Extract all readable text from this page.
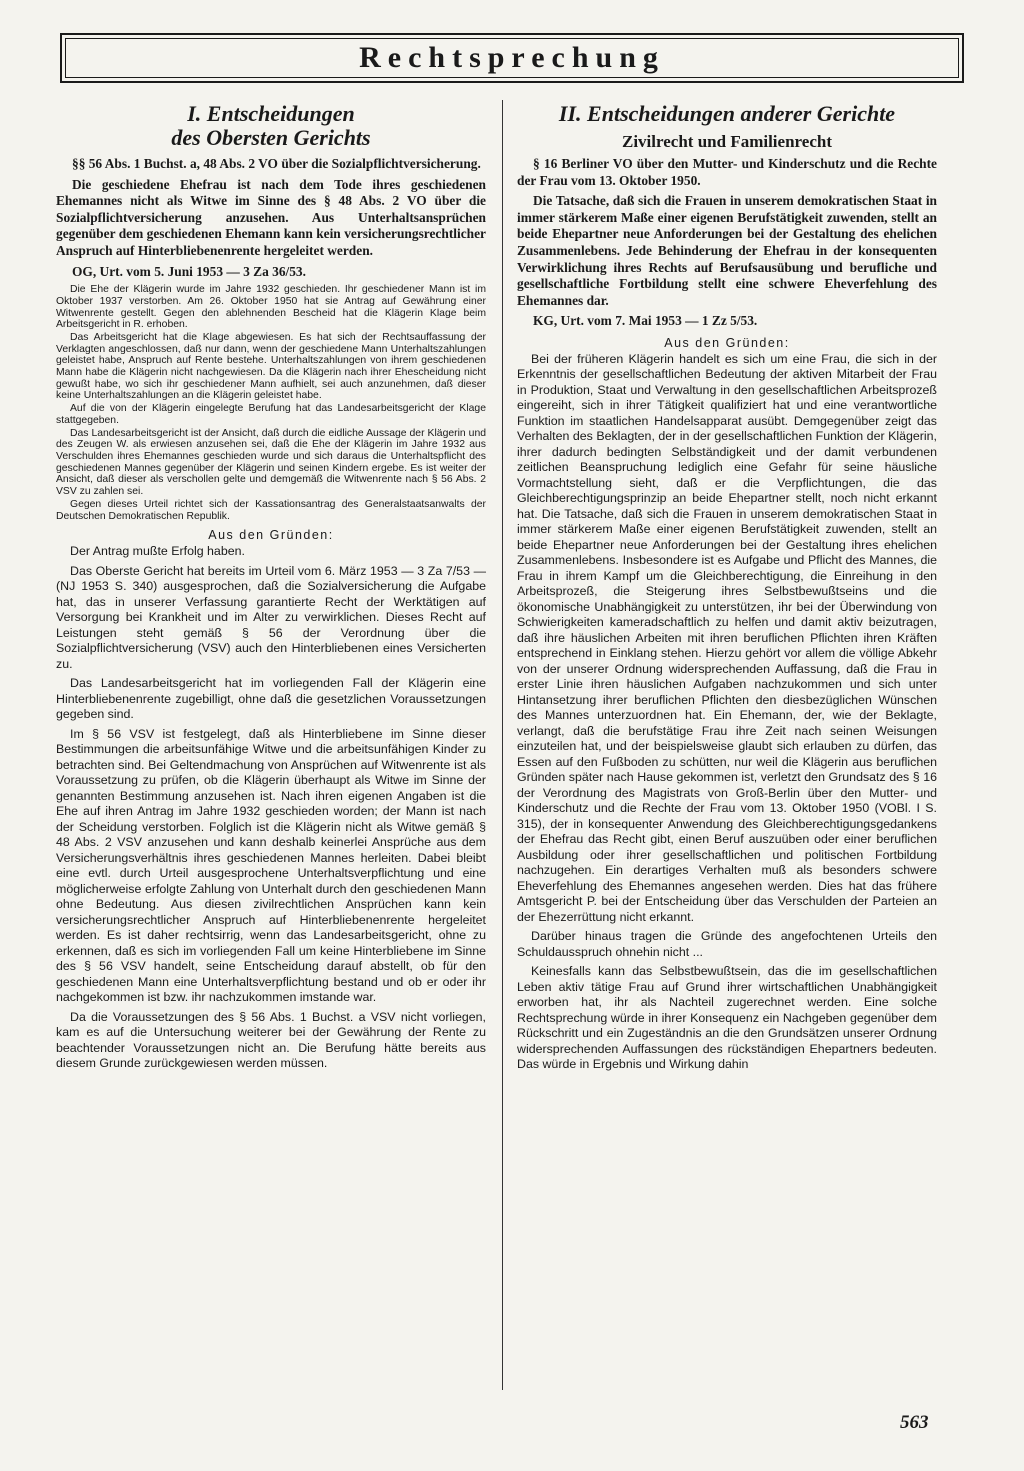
Rechtsprechung
I. Entscheidungen
des Obersten Gerichts

§§ 56 Abs. 1 Buchst. a, 48 Abs. 2 VO über die Sozialpflichtversicherung.

Die geschiedene Ehefrau ist nach dem Tode ihres geschiedenen Ehemannes nicht als Witwe im Sinne des § 48 Abs. 2 VO über die Sozialpflichtversicherung anzusehen. Aus Unterhaltsansprüchen gegenüber dem geschiedenen Ehemann kann kein versicherungsrechtlicher Anspruch auf Hinterbliebenenrente hergeleitet werden.

OG, Urt. vom 5. Juni 1953 — 3 Za 36/53.

Die Ehe der Klägerin wurde im Jahre 1932 geschieden. Ihr geschiedener Mann ist im Oktober 1937 verstorben. Am 26. Oktober 1950 hat sie Antrag auf Gewährung einer Witwenrente gestellt. Gegen den ablehnenden Bescheid hat die Klägerin Klage beim Arbeitsgericht in R. erhoben.

Das Arbeitsgericht hat die Klage abgewiesen. Es hat sich der Rechtsauffassung der Verklagten angeschlossen, daß nur dann, wenn der geschiedene Mann Unterhaltszahlungen geleistet habe, Anspruch auf Rente bestehe. Unterhaltszahlungen von ihrem geschiedenen Mann habe die Klägerin nicht nachgewiesen. Da die Klägerin nach ihrer Ehescheidung nicht gewußt habe, wo sich ihr geschiedener Mann aufhielt, sei auch anzunehmen, daß dieser keine Unterhaltszahlungen an die Klägerin geleistet habe.

Auf die von der Klägerin eingelegte Berufung hat das Landesarbeitsgericht der Klage stattgegeben.

Das Landesarbeitsgericht ist der Ansicht, daß durch die eidliche Aussage der Klägerin und des Zeugen W. als erwiesen anzusehen sei, daß die Ehe der Klägerin im Jahre 1932 aus Verschulden ihres Ehemannes geschieden wurde und sich daraus die Unterhaltspflicht des geschiedenen Mannes gegenüber der Klägerin und seinen Kindern ergebe. Es ist weiter der Ansicht, daß dieser als verschollen gelte und demgemäß die Witwenrente nach § 56 Abs. 2 VSV zu zahlen sei.

Gegen dieses Urteil richtet sich der Kassationsantrag des Generalstaatsanwalts der Deutschen Demokratischen Republik.

Aus den Gründen:

Der Antrag mußte Erfolg haben.

Das Oberste Gericht hat bereits im Urteil vom 6. März 1953 — 3 Za 7/53 — (NJ 1953 S. 340) ausgesprochen, daß die Sozialversicherung die Aufgabe hat, das in unserer Verfassung garantierte Recht der Werktätigen auf Versorgung bei Krankheit und im Alter zu verwirklichen. Dieses Recht auf Leistungen steht gemäß § 56 der Verordnung über die Sozialpflichtversicherung (VSV) auch den Hinterbliebenen eines Versicherten zu.

Das Landesarbeitsgericht hat im vorliegenden Fall der Klägerin eine Hinterbliebenenrente zugebilligt, ohne daß die gesetzlichen Voraussetzungen gegeben sind.

Im § 56 VSV ist festgelegt, daß als Hinterbliebene im Sinne dieser Bestimmungen die arbeitsunfähige Witwe und die arbeitsunfähigen Kinder zu betrachten sind. Bei Geltendmachung von Ansprüchen auf Witwenrente ist als Voraussetzung zu prüfen, ob die Klägerin überhaupt als Witwe im Sinne der genannten Bestimmung anzusehen ist. Nach ihren eigenen Angaben ist die Ehe auf ihren Antrag im Jahre 1932 geschieden worden; der Mann ist nach der Scheidung verstorben. Folglich ist die Klägerin nicht als Witwe gemäß § 48 Abs. 2 VSV anzusehen und kann deshalb keinerlei Ansprüche aus dem Versicherungsverhältnis ihres geschiedenen Mannes herleiten. Dabei bleibt eine evtl. durch Urteil ausgesprochene Unterhaltsverpflichtung und eine möglicherweise erfolgte Zahlung von Unterhalt durch den geschiedenen Mann ohne Bedeutung. Aus diesen zivilrechtlichen Ansprüchen kann kein versicherungsrechtlicher Anspruch auf Hinterbliebenenrente hergeleitet werden. Es ist daher rechtsirrig, wenn das Landesarbeitsgericht, ohne zu erkennen, daß es sich im vorliegenden Fall um keine Hinterbliebene im Sinne des § 56 VSV handelt, seine Entscheidung darauf abstellt, ob für den geschiedenen Mann eine Unterhaltsverpflichtung bestand und ob er oder ihr nachgekommen ist bzw. ihr nachzukommen imstande war.

Da die Voraussetzungen des § 56 Abs. 1 Buchst. a VSV nicht vorliegen, kam es auf die Untersuchung weiterer bei der Gewährung der Rente zu beachtender Voraussetzungen nicht an. Die Berufung hätte bereits aus diesem Grunde zurückgewiesen werden müssen.

II. Entscheidungen anderer Gerichte
Zivilrecht und Familienrecht

§ 16 Berliner VO über den Mutter- und Kinderschutz und die Rechte der Frau vom 13. Oktober 1950.

Die Tatsache, daß sich die Frauen in unserem demokratischen Staat in immer stärkerem Maße einer eigenen Berufstätigkeit zuwenden, stellt an beide Ehepartner neue Anforderungen bei der Gestaltung des ehelichen Zusammenlebens. Jede Behinderung der Ehefrau in der konsequenten Verwirklichung ihres Rechts auf Berufsausübung und berufliche und gesellschaftliche Fortbildung stellt eine schwere Eheverfehlung des Ehemannes dar.

KG, Urt. vom 7. Mai 1953 — 1 Zz 5/53.

Aus den Gründen:

Bei der früheren Klägerin handelt es sich um eine Frau, die sich in der Erkenntnis der gesellschaftlichen Bedeutung der aktiven Mitarbeit der Frau in Produktion, Staat und Verwaltung in den gesellschaftlichen Arbeitsprozeß eingereiht, sich in ihrer Tätigkeit qualifiziert hat und eine verantwortliche Funktion im staatlichen Handelsapparat ausübt. Demgegenüber zeigt das Verhalten des Beklagten, der in der gesellschaftlichen Funktion der Klägerin, ihrer dadurch bedingten Selbständigkeit und der damit verbundenen zeitlichen Beanspruchung lediglich eine Gefahr für seine häusliche Vormachtstellung sieht, daß er die Verpflichtungen, die das Gleichberechtigungsprinzip an beide Ehepartner stellt, noch nicht erkannt hat. Die Tatsache, daß sich die Frauen in unserem demokratischen Staat in immer stärkerem Maße einer eigenen Berufstätigkeit zuwenden, stellt an beide Ehepartner neue Anforderungen bei der Gestaltung ihres ehelichen Zusammenlebens. Insbesondere ist es Aufgabe und Pflicht des Mannes, die Frau in ihrem Kampf um die Gleichberechtigung, die Einreihung in den Arbeitsprozeß, die Steigerung ihres Selbstbewußtseins und die ökonomische Unabhängigkeit zu unterstützen, ihr bei der Überwindung von Schwierigkeiten kameradschaftlich zu helfen und damit aktiv beizutragen, daß ihre häuslichen Arbeiten mit ihren beruflichen Pflichten ihren Kräften entsprechend in Einklang stehen. Hierzu gehört vor allem die völlige Abkehr von der unserer Ordnung widersprechenden Auffassung, daß die Frau in erster Linie ihren häuslichen Aufgaben nachzukommen und sich unter Hintansetzung ihrer beruflichen Pflichten den diesbezüglichen Wünschen des Mannes unterzuordnen hat. Ein Ehemann, der, wie der Beklagte, verlangt, daß die berufstätige Frau ihre Zeit nach seinen Weisungen einzuteilen hat, und der beispielsweise glaubt sich erlauben zu dürfen, das Essen auf den Fußboden zu schütten, nur weil die Klägerin aus beruflichen Gründen später nach Hause gekommen ist, verletzt den Grundsatz des § 16 der Verordnung des Magistrats von Groß-Berlin über den Mutter- und Kinderschutz und die Rechte der Frau vom 13. Oktober 1950 (VOBl. I S. 315), der in konsequenter Anwendung des Gleichberechtigungsgedankens der Ehefrau das Recht gibt, einen Beruf auszuüben oder einer beruflichen Ausbildung oder ihrer gesellschaftlichen und politischen Fortbildung nachzugehen. Ein derartiges Verhalten muß als besonders schwere Eheverfehlung des Ehemannes angesehen werden. Dies hat das frühere Amtsgericht P. bei der Entscheidung über das Verschulden der Parteien an der Ehezerrüttung nicht erkannt.

Darüber hinaus tragen die Gründe des angefochtenen Urteils den Schuldausspruch ohnehin nicht ...

Keinesfalls kann das Selbstbewußtsein, das die im gesellschaftlichen Leben aktiv tätige Frau auf Grund ihrer wirtschaftlichen Unabhängigkeit erworben hat, ihr als Nachteil zugerechnet werden. Eine solche Rechtsprechung würde in ihrer Konsequenz ein Nachgeben gegenüber dem Rückschritt und ein Zugeständnis an die den Grundsätzen unserer Ordnung widersprechenden Auffassungen des rückständigen Ehepartners bedeuten. Das würde in Ergebnis und Wirkung dahin

563
